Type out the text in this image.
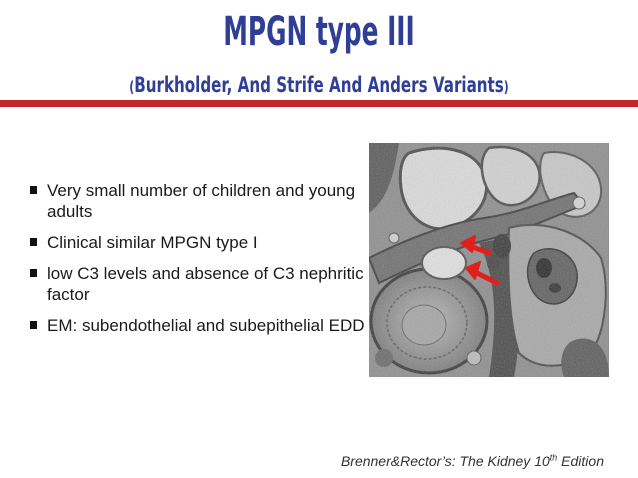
MPGN type III
(Burkholder, And Strife And Anders Variants)
Very small number of children and young adults
Clinical similar MPGN type I
low C3 levels and absence of C3 nephritic factor
EM: subendothelial and subepithelial EDD
Brenner&Rector’s: The Kidney 10th Edition
